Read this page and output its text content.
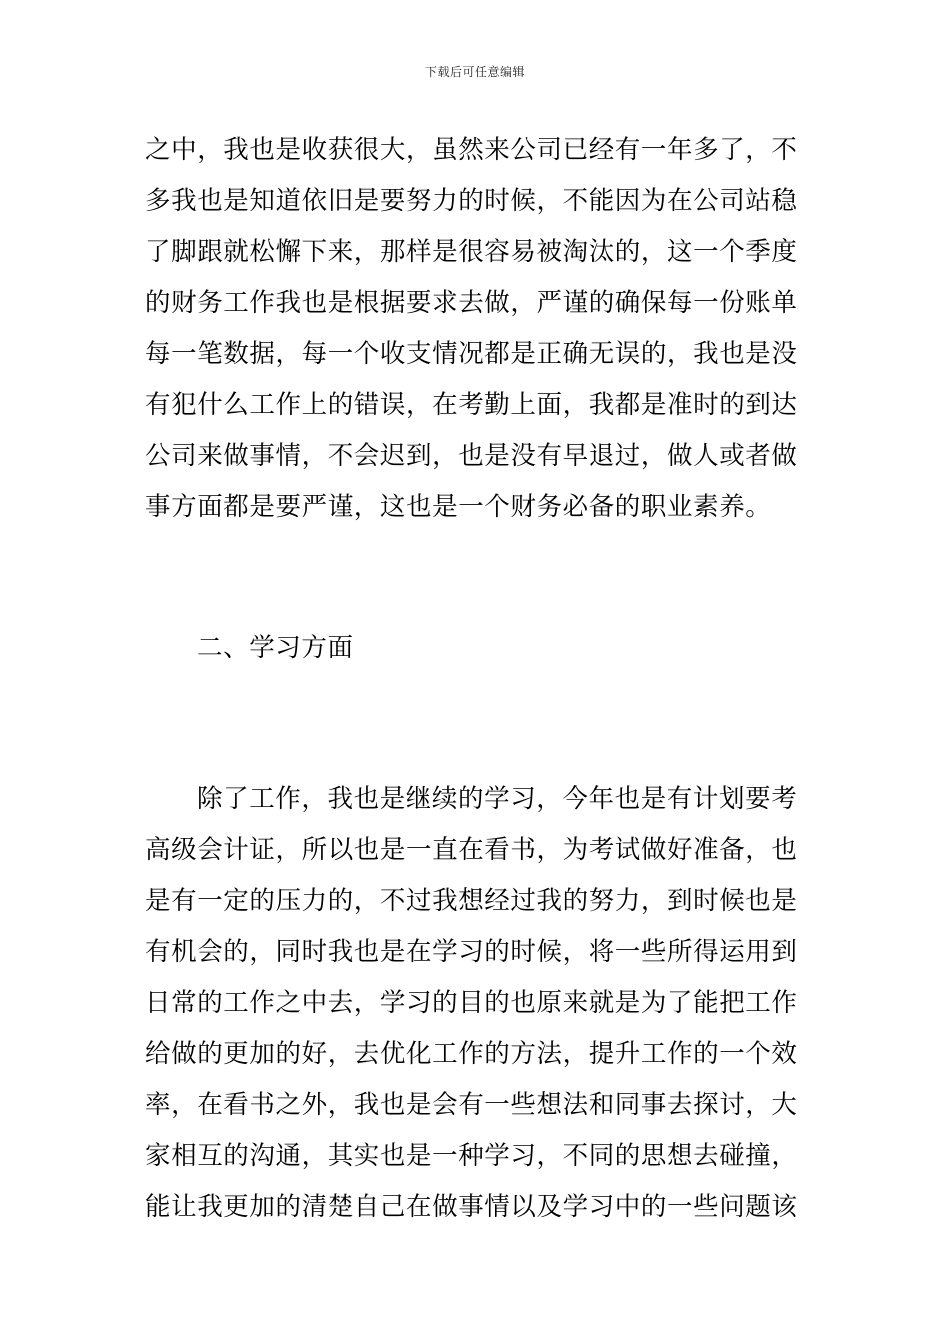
下载后可任意编辑
之中，我也是收获很大，虽然来公司已经有一年多了，不
多我也是知道依旧是要努力的时候，不能因为在公司站稳
了脚跟就松懈下来，那样是很容易被淘汰的，这一个季度
的财务工作我也是根据要求去做，严谨的确保每一份账单
每一笔数据，每一个收支情况都是正确无误的，我也是没
有犯什么工作上的错误，在考勤上面，我都是准时的到达
公司来做事情，不会迟到，也是没有早退过，做人或者做
事方面都是要严谨，这也是一个财务必备的职业素养。
二、学习方面
除了工作，我也是继续的学习，今年也是有计划要考
高级会计证，所以也是一直在看书，为考试做好准备，也
是有一定的压力的，不过我想经过我的努力，到时候也是
有机会的，同时我也是在学习的时候，将一些所得运用到
日常的工作之中去，学习的目的也原来就是为了能把工作
给做的更加的好，去优化工作的方法，提升工作的一个效
率，在看书之外，我也是会有一些想法和同事去探讨，大
家相互的沟通，其实也是一种学习，不同的思想去碰撞，
能让我更加的清楚自己在做事情以及学习中的一些问题该
